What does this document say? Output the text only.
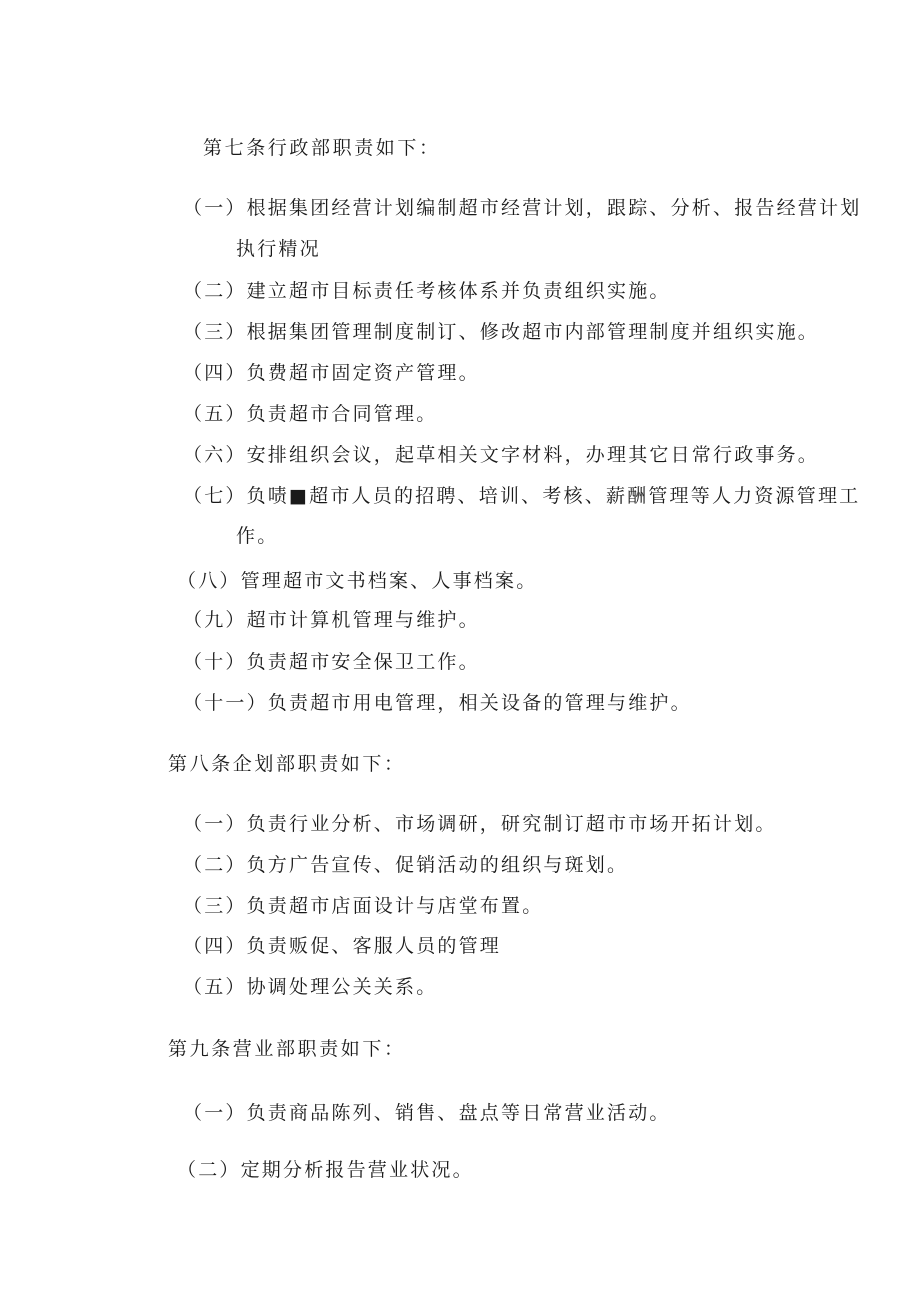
第七条行政部职责如下：

（一）根据集团经营计划编制超市经营计划，跟踪、分析、报告经营计划

执行精况

（二）建立超市目标责任考核体系并负责组织实施。

（三）根据集团管理制度制订、修改超市内部管理制度并组织实施。

（四）负费超市固定资产管理。

（五）负责超市合同管理。

（六）安排组织会议，起草相关文字材料，办理其它日常行政事务。

（七）负啧■超市人员的招聘、培训、考核、薪酬管理等人力资源管理工

作。

（八）管理超市文书档案、人事档案。

（九）超市计算机管理与维护。

（十）负责超市安全保卫工作。

（十一）负责超市用电管理，相关设备的管理与维护。

第八条企划部职责如下：

（一）负责行业分析、市场调研，研究制订超市市场开拓计划。

（二）负方广告宣传、促销活动的组织与斑划。

（三）负责超市店面设计与店堂布置。

（四）负责贩促、客服人员的管理

（五）协调处理公关关系。

第九条营业部职责如下：

（一）负责商品陈列、销售、盘点等日常营业活动。

（二）定期分析报告营业状况。
